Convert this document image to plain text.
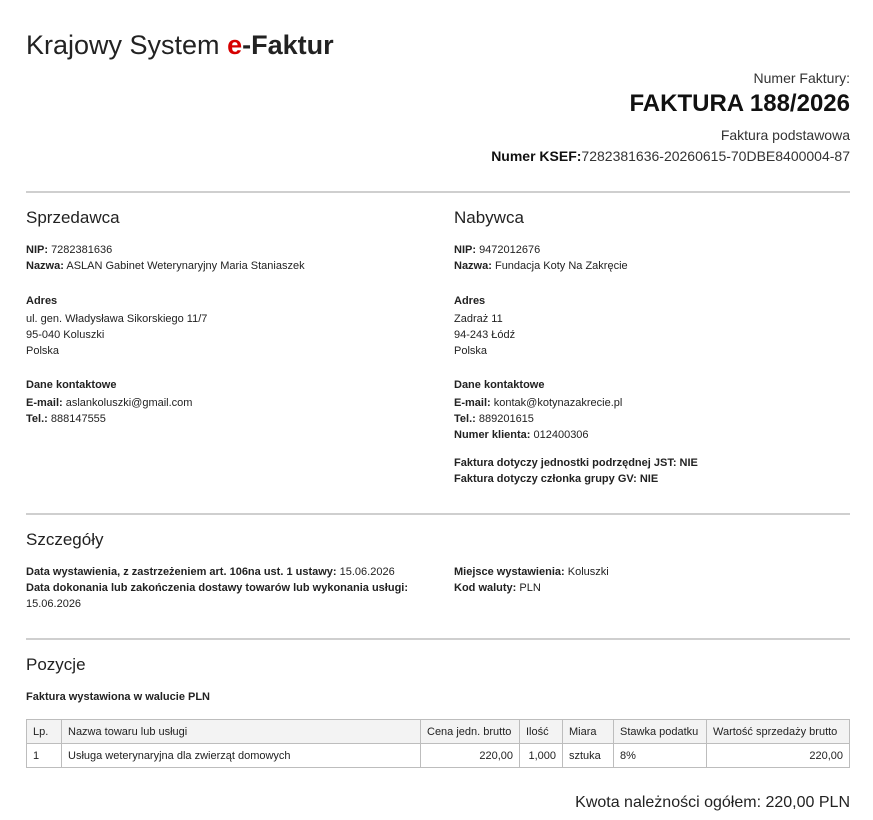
Krajowy System e-Faktur
Numer Faktury:
FAKTURA 188/2026
Faktura podstawowa
Numer KSEF:7282381636-20260615-70DBE8400004-87
Sprzedawca
NIP: 7282381636
Nazwa: ASLAN Gabinet Weterynaryjny Maria Staniaszek
Adres
ul. gen. Władysława Sikorskiego 11/7
95-040 Koluszki
Polska
Dane kontaktowe
E-mail: aslankoluszki@gmail.com
Tel.: 888147555
Nabywca
NIP: 9472012676
Nazwa: Fundacja Koty Na Zakręcie
Adres
Zadraż 11
94-243 Łódź
Polska
Dane kontaktowe
E-mail: kontak@kotynazakrecie.pl
Tel.: 889201615
Numer klienta: 012400306
Faktura dotyczy jednostki podrzędnej JST: NIE
Faktura dotyczy członka grupy GV: NIE
Szczegóły
Data wystawienia, z zastrzeżeniem art. 106na ust. 1 ustawy: 15.06.2026
Data dokonania lub zakończenia dostawy towarów lub wykonania usługi: 15.06.2026
Miejsce wystawienia: Koluszki
Kod waluty: PLN
Pozycje
Faktura wystawiona w walucie PLN
Lp.	Nazwa towaru lub usługi	Cena jedn. brutto	Ilość	Miara	Stawka podatku	Wartość sprzedaży brutto
1	Usługa weterynaryjna dla zwierząt domowych	220,00	1,000	sztuka	8%	220,00
Kwota należności ogółem: 220,00 PLN
